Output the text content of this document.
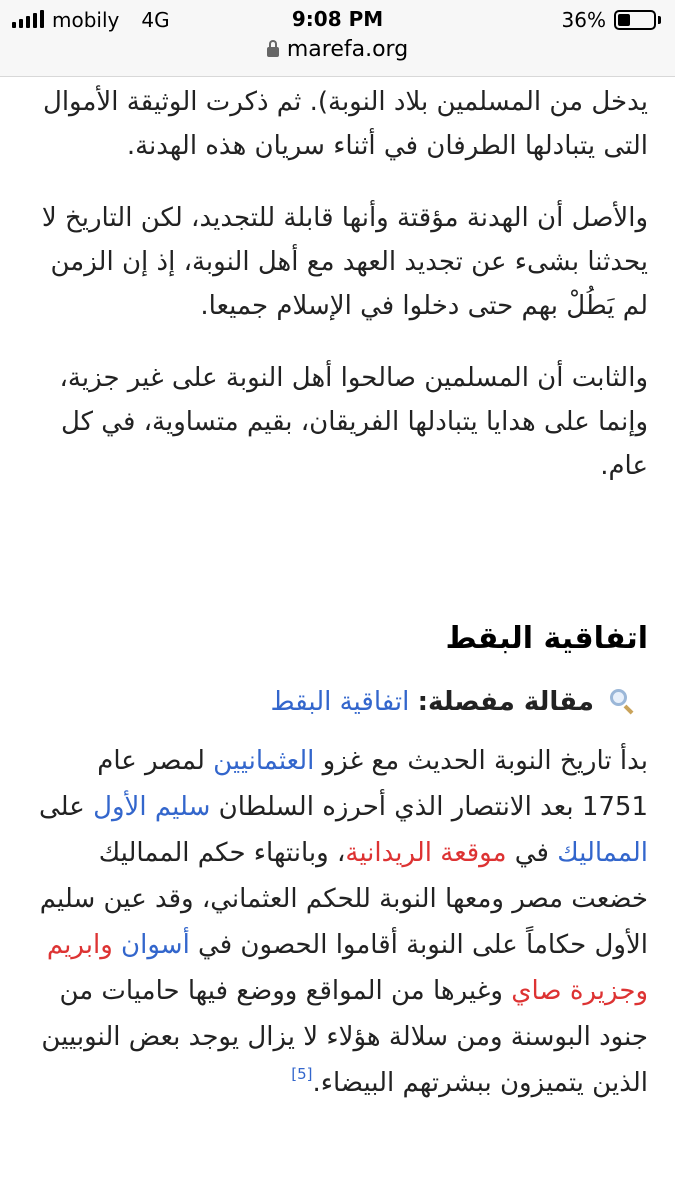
mobily 4G	9:08 PM	36%
marefa.org

يدخل من المسلمين بلاد النوبة). ثم ذكرت الوثيقة الأموال التى يتبادلها الطرفان في أثناء سريان هذه الهدنة.

والأصل أن الهدنة مؤقتة وأنها قابلة للتجديد، لكن التاريخ لا يحدثنا بشىء عن تجديد العهد مع أهل النوبة، إذ إن الزمن لم يَطُلْ بهم حتى دخلوا في الإسلام جميعا.

والثابت أن المسلمين صالحوا أهل النوبة على غير جزية، وإنما على هدايا يتبادلها الفريقان، بقيم متساوية، في كل عام.

اتفاقية البقط
مقالة مفصلة: اتفاقية البقط

بدأ تاريخ النوبة الحديث مع غزو العثمانيين لمصر عام 1751 بعد الانتصار الذي أحرزه السلطان سليم الأول على المماليك في موقعة الريدانية، وبانتهاء حكم المماليك خضعت مصر ومعها النوبة للحكم العثماني، وقد عين سليم الأول حكاماً على النوبة أقاموا الحصون في أسوان وابريم وجزيرة صاي وغيرها من المواقع ووضع فيها حاميات من جنود البوسنة ومن سلالة هؤلاء لا يزال يوجد بعض النوبيين الذين يتميزون ببشرتهم البيضاء.[5]
